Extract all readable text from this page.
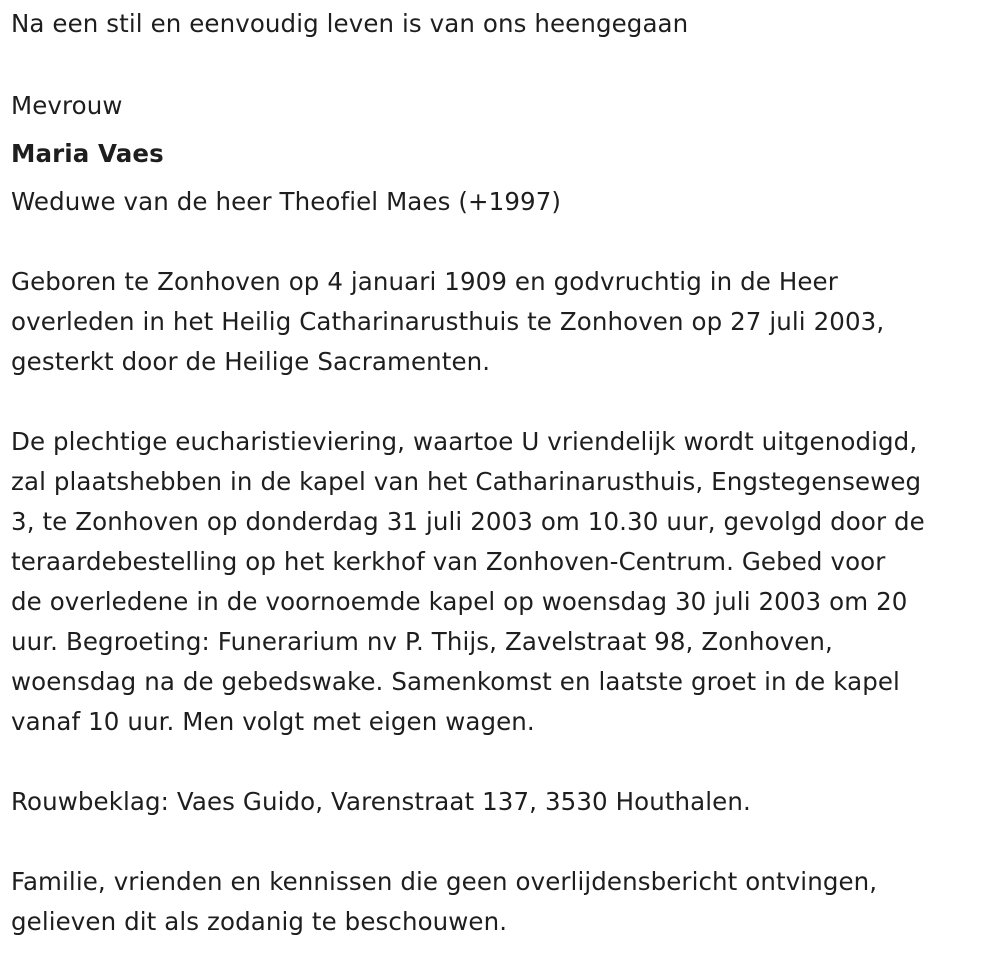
Na een stil en eenvoudig leven is van ons heengegaan
Mevrouw
Maria Vaes
Weduwe van de heer Theofiel Maes (+1997)
Geboren te Zonhoven op 4 januari 1909 en godvruchtig in de Heer
overleden in het Heilig Catharinarusthuis te Zonhoven op 27 juli 2003,
gesterkt door de Heilige Sacramenten.
De plechtige eucharistieviering, waartoe U vriendelijk wordt uitgenodigd,
zal plaatshebben in de kapel van het Catharinarusthuis, Engstegenseweg
3, te Zonhoven op donderdag 31 juli 2003 om 10.30 uur, gevolgd door de
teraardebestelling op het kerkhof van Zonhoven-Centrum. Gebed voor
de overledene in de voornoemde kapel op woensdag 30 juli 2003 om 20
uur. Begroeting: Funerarium nv P. Thijs, Zavelstraat 98, Zonhoven,
woensdag na de gebedswake. Samenkomst en laatste groet in de kapel
vanaf 10 uur. Men volgt met eigen wagen.
Rouwbeklag: Vaes Guido, Varenstraat 137, 3530 Houthalen.
Familie, vrienden en kennissen die geen overlijdensbericht ontvingen,
gelieven dit als zodanig te beschouwen.
